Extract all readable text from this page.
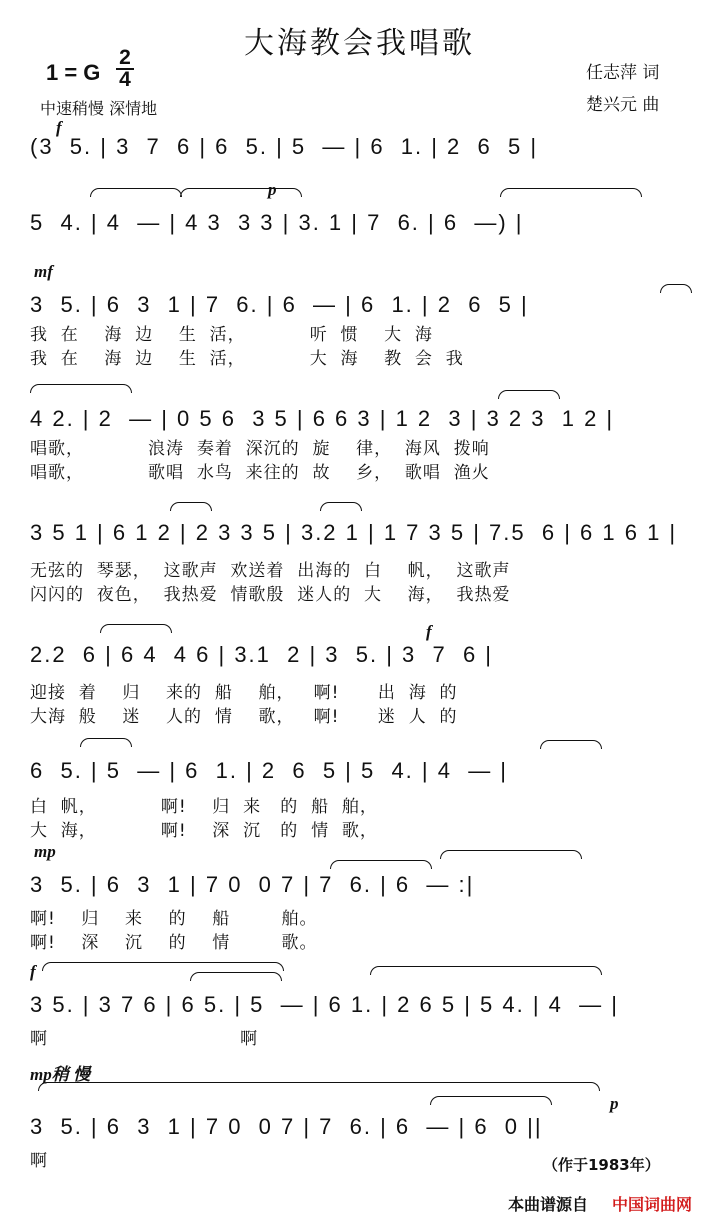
大海教会我唱歌
1 = G
2
4
中速稍慢 深情地
任志萍 词
楚兴元 曲
f
(3  5. | 3  7  6 | 6  5. | 5  — | 6  1. | 2  6  5 |
p
5  4. | 4  — | 4 3  3 3 | 3. 1 | 7  6. | 6  —) |
mf
3  5. | 6  3  1 | 7  6. | 6  — | 6  1. | 2  6  5 |
我  在    海  边    生  活，          听  惯    大  海
我  在    海  边    生  活，          大  海    教  会  我
4 2. | 2  — | 0 5 6  3 5 | 6 6 3 | 1 2  3 | 3 2 3  1 2 |
唱歌，          浪涛  奏着  深沉的  旋    律，  海风  拨响
唱歌，          歌唱  水鸟  来往的  故    乡，  歌唱  渔火
3 5 1 | 6 1 2 | 2 3 3 5 | 3.2 1 | 1 7 3 5 | 7.5  6 | 6 1 6 1 |
无弦的  琴瑟，  这歌声  欢送着  出海的  白    帆，  这歌声
闪闪的  夜色，  我热爱  情歌殷  迷人的  大    海，  我热爱
f
2.2  6 | 6 4  4 6 | 3.1  2 | 3  5. | 3  7  6 |
迎接  着    归    来的  船    舶，   啊!      出  海  的
大海  般    迷    人的  情    歌，   啊!      迷  人  的
6  5. | 5  — | 6  1. | 2  6  5 | 5  4. | 4  — |
白  帆，          啊!    归  来   的  船  舶，
大  海，          啊!    深  沉   的  情  歌，
mp
3  5. | 6  3  1 | 7 0  0 7 | 7  6. | 6  — :|
啊!    归    来    的    船        舶。
啊!    深    沉    的    情        歌。
f
3 5. | 3 7 6 | 6 5. | 5  — | 6 1. | 2 6 5 | 5 4. | 4  — |
啊                              啊
mp稍 慢
p
3  5. | 6  3  1 | 7 0  0 7 | 7  6. | 6  — | 6  0 ||
啊	（作于1983年）
本曲谱源自 中国词曲网
